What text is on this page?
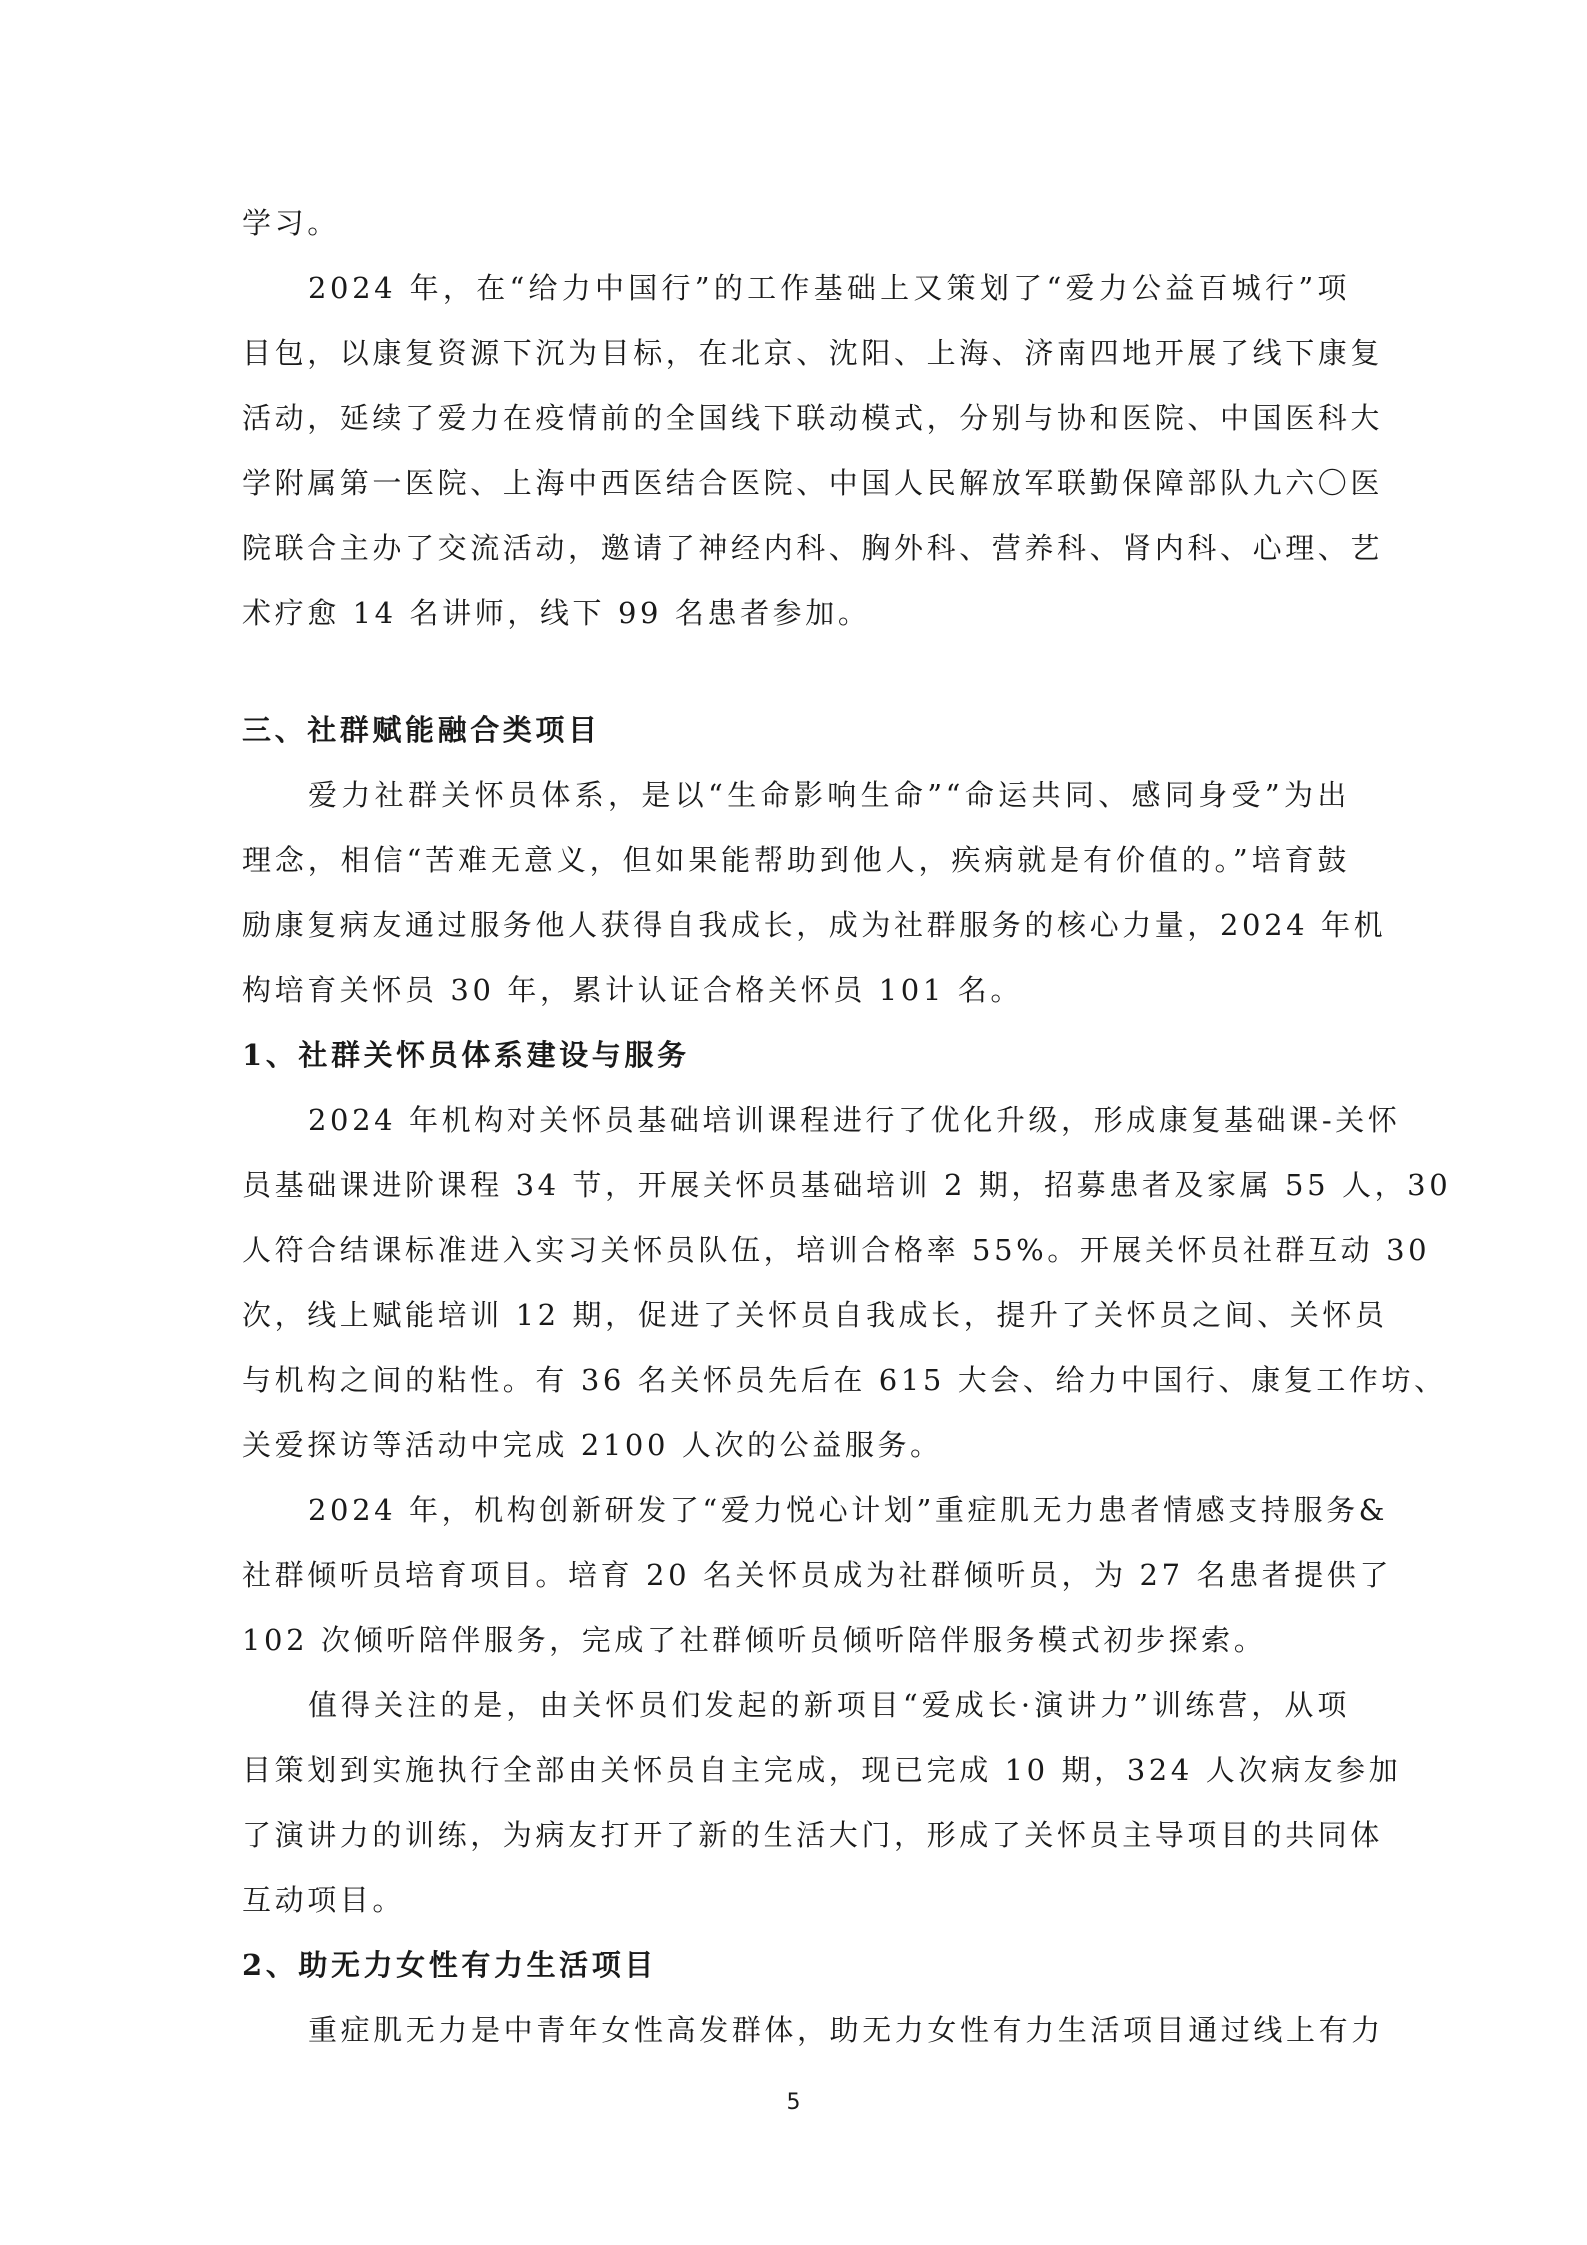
学习。
2024 年，在“给力中国行”的工作基础上又策划了“爱力公益百城行”项
目包，以康复资源下沉为目标，在北京、沈阳、上海、济南四地开展了线下康复
活动，延续了爱力在疫情前的全国线下联动模式，分别与协和医院、中国医科大
学附属第一医院、上海中西医结合医院、中国人民解放军联勤保障部队九六〇医
院联合主办了交流活动，邀请了神经内科、胸外科、营养科、肾内科、心理、艺
术疗愈 14 名讲师，线下 99 名患者参加。
三、社群赋能融合类项目
爱力社群关怀员体系，是以“生命影响生命”“命运共同、感同身受”为出
理念，相信“苦难无意义，但如果能帮助到他人，疾病就是有价值的。”培育鼓
励康复病友通过服务他人获得自我成长，成为社群服务的核心力量，2024 年机
构培育关怀员 30 年，累计认证合格关怀员 101 名。
1、社群关怀员体系建设与服务
2024 年机构对关怀员基础培训课程进行了优化升级，形成康复基础课-关怀
员基础课进阶课程 34 节，开展关怀员基础培训 2 期，招募患者及家属 55 人，30
人符合结课标准进入实习关怀员队伍，培训合格率 55%。开展关怀员社群互动 30
次，线上赋能培训 12 期，促进了关怀员自我成长，提升了关怀员之间、关怀员
与机构之间的粘性。有 36 名关怀员先后在 615 大会、给力中国行、康复工作坊、
关爱探访等活动中完成 2100 人次的公益服务。
2024 年，机构创新研发了“爱力悦心计划”重症肌无力患者情感支持服务&
社群倾听员培育项目。培育 20 名关怀员成为社群倾听员，为 27 名患者提供了
102 次倾听陪伴服务，完成了社群倾听员倾听陪伴服务模式初步探索。
值得关注的是，由关怀员们发起的新项目“爱成长·演讲力”训练营，从项
目策划到实施执行全部由关怀员自主完成，现已完成 10 期，324 人次病友参加
了演讲力的训练，为病友打开了新的生活大门，形成了关怀员主导项目的共同体
互动项目。
2、助无力女性有力生活项目
重症肌无力是中青年女性高发群体，助无力女性有力生活项目通过线上有力
5
